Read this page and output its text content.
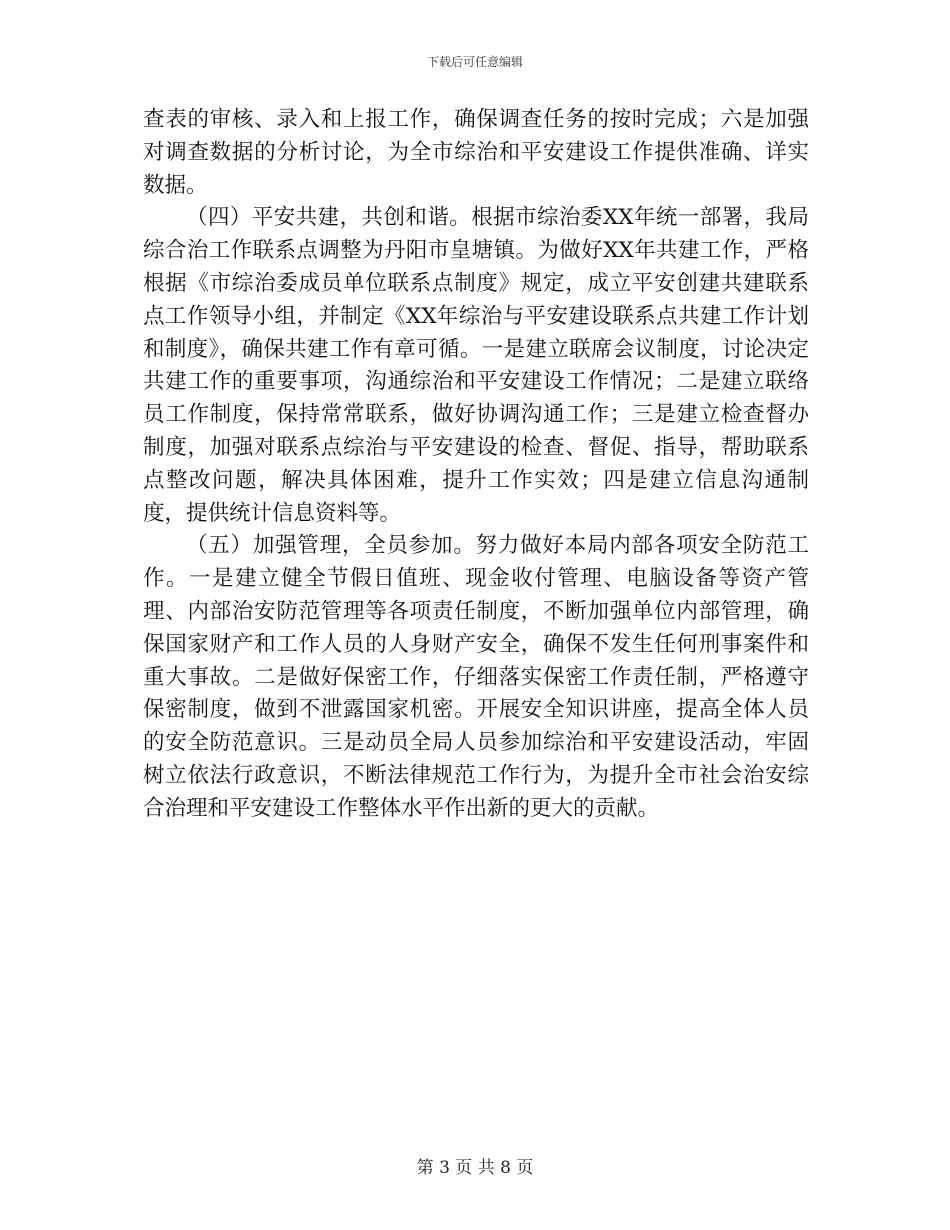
下载后可任意编辑

查表的审核、录入和上报工作，确保调查任务的按时完成；六是加强对调查数据的分析讨论，为全市综治和平安建设工作提供准确、详实数据。

（四）平安共建，共创和谐。根据市综治委XX年统一部署，我局综合治工作联系点调整为丹阳市皇塘镇。为做好XX年共建工作，严格根据《市综治委成员单位联系点制度》规定，成立平安创建共建联系点工作领导小组，并制定《XX年综治与平安建设联系点共建工作计划和制度》，确保共建工作有章可循。一是建立联席会议制度，讨论决定共建工作的重要事项，沟通综治和平安建设工作情况；二是建立联络员工作制度，保持常常联系，做好协调沟通工作；三是建立检查督办制度，加强对联系点综治与平安建设的检查、督促、指导，帮助联系点整改问题，解决具体困难，提升工作实效；四是建立信息沟通制度，提供统计信息资料等。

（五）加强管理，全员参加。努力做好本局内部各项安全防范工作。一是建立健全节假日值班、现金收付管理、电脑设备等资产管理、内部治安防范管理等各项责任制度，不断加强单位内部管理，确保国家财产和工作人员的人身财产安全，确保不发生任何刑事案件和重大事故。二是做好保密工作，仔细落实保密工作责任制，严格遵守保密制度，做到不泄露国家机密。开展安全知识讲座，提高全体人员的安全防范意识。三是动员全局人员参加综治和平安建设活动，牢固树立依法行政意识，不断法律规范工作行为，为提升全市社会治安综合治理和平安建设工作整体水平作出新的更大的贡献。

第 3 页 共 8 页
